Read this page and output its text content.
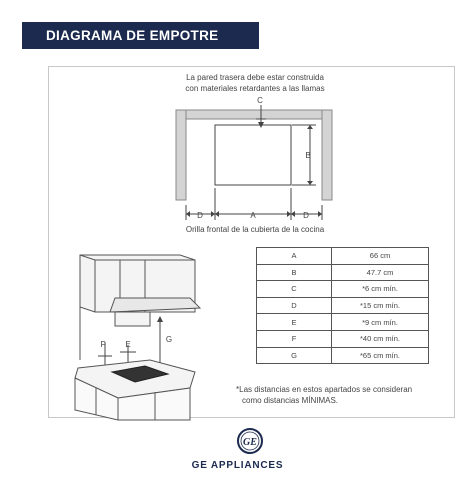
DIAGRAMA DE EMPOTRE
GE
La pared trasera debe estar construida
con materiales retardantes a las llamas
C
B
D	A	D
Orilla frontal de la cubierta de la cocina
F	E
G
A	66 cm
B	47.7 cm
C	*6 cm mín.
D	*15 cm mín.
E	*9 cm mín.
F	*40 cm mín.
G	*65 cm mín.
*Las distancias en estos apartados se consideran
como distancias MÍNIMAS.
GE APPLIANCES
